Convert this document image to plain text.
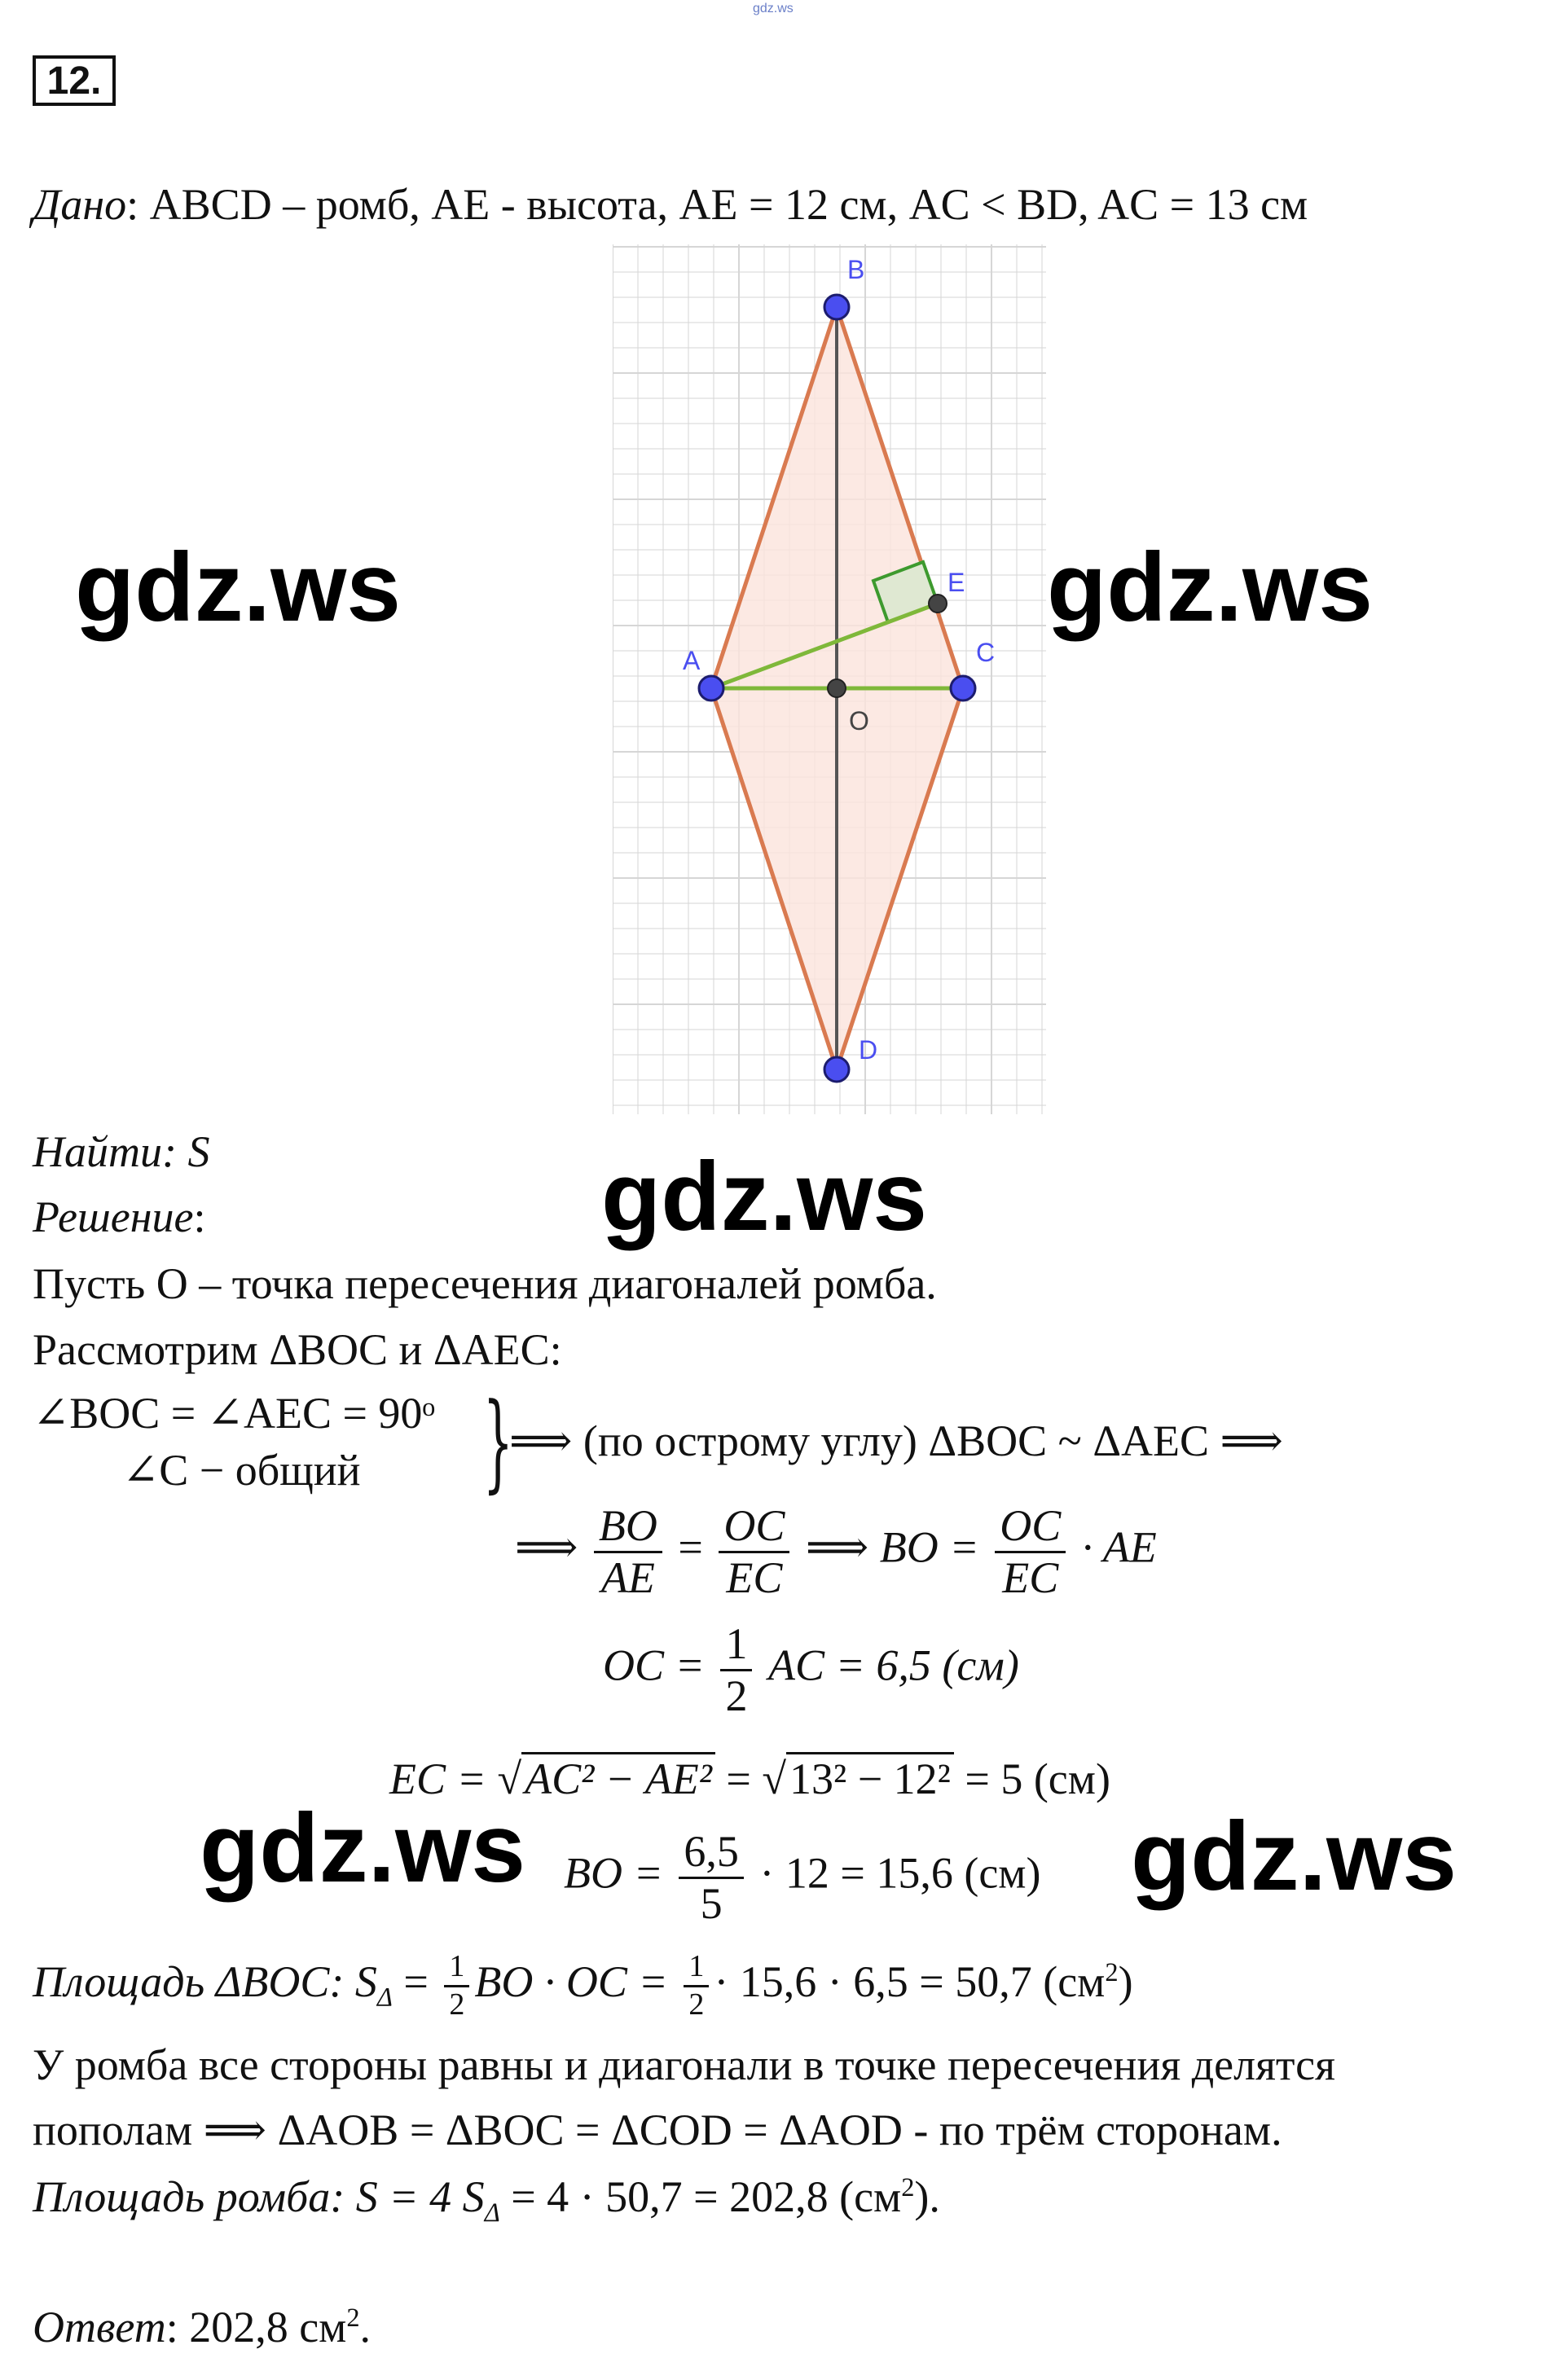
gdz.ws
12.
Дано: ABCD – ромб, AE - высота, AE = 12 см, AC < BD, AC = 13 см
B
A	C
D
E
O
gdz.ws	gdz.ws
gdz.ws
gdz.ws	gdz.ws
Найти: S
Решение:
Пусть O – точка пересечения диагоналей ромба.
Рассмотрим ΔBOC и ΔAEC:
∠BOC = ∠AEC = 90ᵒ
∠C − общий }
⟹ (по острому углу) ΔBOC ~ ΔAEC ⟹
⟹ $\frac{BO}{AE} = \frac{OC}{EC}$ ⟹ BO = $\frac{OC}{EC}$ · AE
OC = $\frac{1}{2}$ AC = 6,5 (см)
EC = √AC² − AE² = √13² − 12² = 5 (см)
BO = $\frac{6,5}{5} \cdot 12 = 15,6$ (см)
Площадь ΔBOC: $S_\Delta = \frac{1}{2}$ BO · OC = $\frac{1}{2} \cdot 15,6 \cdot 6,5 = 50,7$ $(см^2)$
У ромба все стороны равны и диагонали в точке пересечения делятся
пополам ⟹ ΔAOB = ΔBOC = ΔCOD = ΔAOD - по трём сторонам.
Площадь ромба: S = 4 $S_\Delta = 4 \cdot 50,7 = 202,8$ $(см^2)$.
Ответ: 202,8 $см^2$.
